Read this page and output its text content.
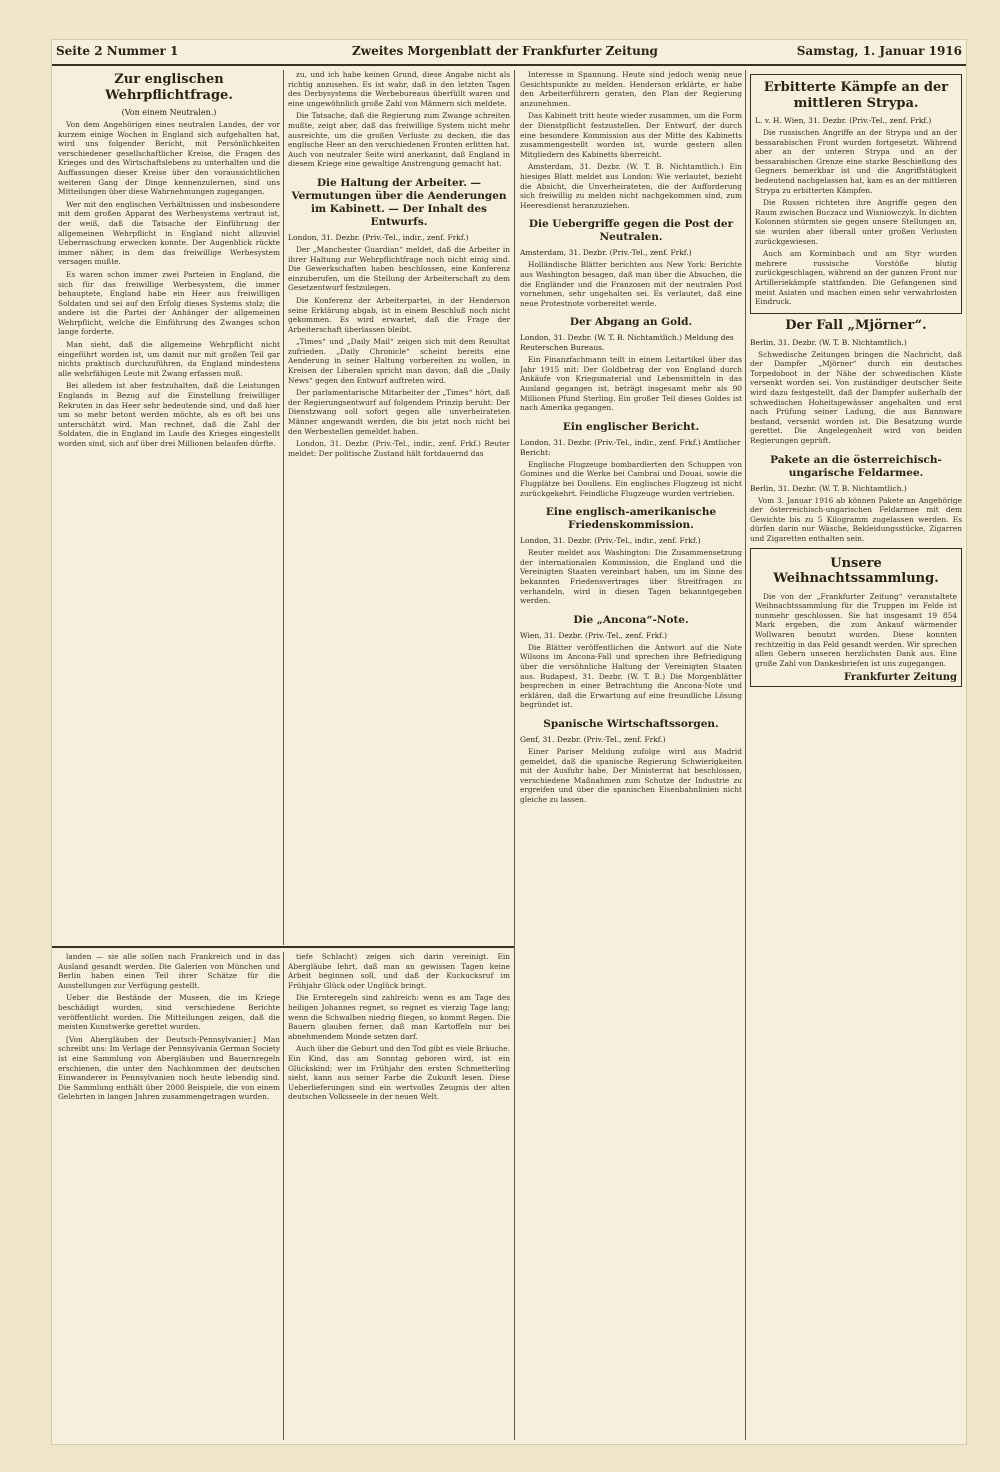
Seite 2 Nummer 1	Zweites Morgenblatt der Frankfurter Zeitung	Samstag, 1. Januar 1916
Zur englischen Wehrpflichtfrage.
(Von einem Neutralen.)

Von dem Angehörigen eines neutralen Landes, der vor kurzem einige Wochen in England sich aufgehalten hat, wird uns folgender Bericht, mit Persönlichkeiten verschiedener gesellschaftlicher Kreise, die Fragen des Krieges und des Wirtschaftslebens zu unterhalten und die Auffassungen dieser Kreise über den voraussichtlichen weiteren Gang der Dinge kennenzulernen, sind uns Mitteilungen über diese Wahrnehmungen zugegangen.

Wer mit den englischen Verhältnissen und insbesondere mit dem großen Apparat des Werbesystems vertraut ist, der weiß, daß die Tatsache der Einführung der allgemeinen Wehrpflicht in England nicht allzuviel Ueberraschung erwecken konnte. Der Augenblick rückte immer näher, in dem das freiwillige Werbesystem versagen mußte.

Es waren schon immer zwei Parteien in England, die sich für das freiwillige Werbesystem, die immer behauptete, England habe ein Heer aus freiwilligen Soldaten und sei auf den Erfolg dieses Systems stolz; die andere ist die Partei der Anhänger der allgemeinen Wehrpflicht, welche die Einführung des Zwanges schon lange forderte.

Man sieht, daß die allgemeine Wehrpflicht nicht eingeführt worden ist, um damit nur mit großen Teil gar nichts praktisch durchzuführen, da England mindestens alle wehrfähigen Leute mit Zwang erfassen muß.

Bei alledem ist aber festzuhalten, daß die Leistungen Englands in Bezug auf die Einstellung freiwilliger Rekruten in das Heer sehr bedeutende sind, und daß hier um so mehr betont werden möchte, als es oft bei uns unterschätzt wird. Man rechnet, daß die Zahl der Soldaten, die in England im Laufe des Krieges eingestellt worden sind, sich auf über drei Millionen belaufen dürfte.

zu, und ich habe keinen Grund, diese Angabe nicht als richtig anzusehen. Es ist wahr, daß in den letzten Tagen des Derbysystems die Werbebureaus überfüllt waren und eine ungewöhnlich große Zahl von Männern sich meldete.

Die Tatsache, daß die Regierung zum Zwange schreiten mußte, zeigt aber, daß das freiwillige System nicht mehr ausreichte, um die großen Verluste zu decken, die das englische Heer an den verschiedenen Fronten erlitten hat. Auch von neutraler Seite wird anerkannt, daß England in diesem Kriege eine gewaltige Anstrengung gemacht hat.

Die Haltung der Arbeiter. — Vermutungen über die Aenderungen im Kabinett. — Der Inhalt des Entwurfs.
London, 31. Dezbr. (Priv.-Tel., indir., zenf. Frkf.)

Der „Manchester Guardian“ meldet, daß die Arbeiter in ihrer Haltung zur Wehrpflichtfrage noch nicht einig sind. Die Gewerkschaften haben beschlossen, eine Konferenz einzuberufen, um die Stellung der Arbeiterschaft zu dem Gesetzentwurf festzulegen.

Die Konferenz der Arbeiterpartei, in der Henderson seine Erklärung abgab, ist in einem Beschluß noch nicht gekommen. Es wird erwartet, daß die Frage der Arbeiterschaft überlassen bleibt.

„Times“ und „Daily Mail“ zeigen sich mit dem Resultat zufrieden. „Daily Chronicle“ scheint bereits eine Aenderung in seiner Haltung vorbereiten zu wollen, in Kreisen der Liberalen spricht man davon, daß die „Daily News“ gegen den Entwurf auftreten wird.

Der parlamentarische Mitarbeiter der „Times“ hört, daß der Regierungsentwurf auf folgendem Prinzip beruht: Der Dienstzwang soll sofort gegen alle unverheirateten Männer angewandt werden, die bis jetzt noch nicht bei den Werbestellen gemeldet haben.

London, 31. Dezbr. (Priv.-Tel., indir., zenf. Frkf.) Reuter meldet: Der politische Zustand hält fortdauernd das

Interesse in Spannung. Heute sind jedoch wenig neue Gesichtspunkte zu melden. Henderson erklärte, er habe den Arbeiterführern geraten, den Plan der Regierung anzunehmen.

Das Kabinett tritt heute wieder zusammen, um die Form der Dienstpflicht festzustellen. Der Entwurf, der durch eine besondere Kommission aus der Mitte des Kabinetts zusammengestellt worden ist, wurde gestern allen Mitgliedern des Kabinetts überreicht.

Amsterdam, 31. Dezbr. (W. T. B. Nichtamtlich.) Ein hiesiges Blatt meldet aus London: Wie verlautet, bezieht die Absicht, die Unverheirateten, die der Aufforderung sich freiwillig zu melden nicht nachgekommen sind, zum Heeresdienst heranzuziehen.

Die Uebergriffe gegen die Post der Neutralen.
Amsterdam, 31. Dezbr. (Priv.-Tel., zenf. Frkf.)

Holländische Blätter berichten aus New York: Berichte aus Washington besagen, daß man über die Absuchen, die die Engländer und die Franzosen mit der neutralen Post vornehmen, sehr ungehalten sei. Es verlautet, daß eine neue Protestnote vorbereitet werde.

Der Abgang an Gold.
London, 31. Dezbr. (W. T. B. Nichtamtlich.) Meldung des Reuterschen Bureaus.

Ein Finanzfachmann teilt in einem Leitartikel über das Jahr 1915 mit: Der Goldbetrag der von England durch Ankäufe von Kriegsmaterial und Lebensmitteln in das Ausland gegangen ist, beträgt insgesamt mehr als 90 Millionen Pfund Sterling. Ein großer Teil dieses Goldes ist nach Amerika gegangen.

Ein englischer Bericht.
London, 31. Dezbr. (Priv.-Tel., indir., zenf. Frkf.) Amtlicher Bericht:

Englische Flugzeuge bombardierten den Schuppen von Gomines und die Werke bei Cambrai und Douai, sowie die Flugplätze bei Doullens. Ein englisches Flugzeug ist nicht zurückgekehrt. Feindliche Flugzeuge wurden vertrieben.

Eine englisch-amerikanische Friedenskommission.
London, 31. Dezbr. (Priv.-Tel., indir., zenf. Frkf.)

Reuter meldet aus Washington: Die Zusammensetzung der internationalen Kommission, die England und die Vereinigten Staaten vereinbart haben, um im Sinne des bekannten Friedensvertrages über Streitfragen zu verhandeln, wird in diesen Tagen bekanntgegeben werden.

Die „Ancona“-Note.
Wien, 31. Dezbr. (Priv.-Tel., zenf. Frkf.)

Die Blätter veröffentlichen die Antwort auf die Note Wilsons im Ancona-Fall und sprechen ihre Befriedigung über die versöhnliche Haltung der Vereinigten Staaten aus. Budapest, 31. Dezbr. (W. T. B.) Die Morgenblätter besprechen in einer Betrachtung die Ancona-Note und erklären, daß die Erwartung auf eine freundliche Lösung begründet ist.

Spanische Wirtschaftssorgen.
Genf, 31. Dezbr. (Priv.-Tel., zenf. Frkf.)

Einer Pariser Meldung zufolge wird aus Madrid gemeldet, daß die spanische Regierung Schwierigkeiten mit der Ausfuhr habe. Der Ministerrat hat beschlossen, verschiedene Maßnahmen zum Schutze der Industrie zu ergreifen und über die spanischen Eisenbahnlinien nicht gleiche zu lassen.

Erbitterte Kämpfe an der mittleren Strypa.
L. v. H. Wien, 31. Dezbr. (Priv.-Tel., zenf. Frkf.)

Die russischen Angriffe an der Strypa und an der bessarabischen Front wurden fortgesetzt. Während aber an der unteren Strypa und an der bessarabischen Grenze eine starke Beschießung des Gegners bemerkbar ist und die Angriffstätigkeit bedeutend nachgelassen hat, kam es an der mittleren Strypa zu erbitterten Kämpfen.

Die Russen richteten ihre Angriffe gegen den Raum zwischen Buczacz und Wisniowczyk. In dichten Kolonnen stürmten sie gegen unsere Stellungen an, sie wurden aber überall unter großen Verlusten zurückgewiesen.

Auch am Korminbach und am Styr wurden mehrere russische Vorstöße blutig zurückgeschlagen, während an der ganzen Front nur Artilleriekämpfe stattfanden. Die Gefangenen sind meist Asiaten und machen einen sehr verwahrlosten Eindruck.

Der Fall „Mjörner“.
Berlin, 31. Dezbr. (W. T. B. Nichtamtlich.)

Schwedische Zeitungen bringen die Nachricht, daß der Dampfer „Mjörner“ durch ein deutsches Torpedoboot in der Nähe der schwedischen Küste versenkt worden sei. Von zuständiger deutscher Seite wird dazu festgestellt, daß der Dampfer außerhalb der schwedischen Hoheitsgewässer angehalten und erst nach Prüfung seiner Ladung, die aus Bannware bestand, versenkt worden ist. Die Besatzung wurde gerettet. Die Angelegenheit wird von beiden Regierungen geprüft.

Pakete an die österreichisch-ungarische Feldarmee.
Berlin, 31. Dezbr. (W. T. B. Nichtamtlich.)

Vom 3. Januar 1916 ab können Pakete an Angehörige der österreichisch-ungarischen Feldarmee mit dem Gewichte bis zu 5 Kilogramm zugelassen werden. Es dürfen darin nur Wäsche, Bekleidungsstücke, Zigarren und Zigaretten enthalten sein.

Unsere Weihnachtssammlung.

Die von der „Frankfurter Zeitung“ veranstaltete Weihnachtssammlung für die Truppen im Felde ist nunmehr geschlossen. Sie hat insgesamt 19 854 Mark ergeben, die zum Ankauf wärmender Wollwaren benutzt wurden. Diese konnten rechtzeitig in das Feld gesandt werden. Wir sprechen allen Gebern unseren herzlichsten Dank aus. Eine große Zahl von Dankesbriefen ist uns zugegangen.

Frankfurter Zeitung

landen — sie alle sollen nach Frankreich und in das Ausland gesandt werden. Die Galerien von München und Berlin haben einen Teil ihrer Schätze für die Ausstellungen zur Verfügung gestellt.

Ueber die Bestände der Museen, die im Kriege beschädigt wurden, sind verschiedene Berichte veröffentlicht worden. Die Mitteilungen zeigen, daß die meisten Kunstwerke gerettet wurden.

[Von Abergläuben der Deutsch-Pennsylvanier.] Man schreibt uns: Im Verlage der Pennsylvania German Society ist eine Sammlung von Abergläuben und Bauernregeln erschienen, die unter den Nachkommen der deutschen Einwanderer in Pennsylvanien noch heute lebendig sind. Die Sammlung enthält über 2000 Beispiele, die von einem Gelehrten in langen Jahren zusammengetragen wurden.

tiefe Schlacht) zeigen sich darin vereinigt. Ein Abergläube lehrt, daß man an gewissen Tagen keine Arbeit beginnen soll, und daß der Kuckucksruf im Frühjahr Glück oder Unglück bringt.

Die Ernteregeln sind zahlreich: wenn es am Tage des heiligen Johannes regnet, so regnet es vierzig Tage lang; wenn die Schwalben niedrig fliegen, so kommt Regen. Die Bauern glauben ferner, daß man Kartoffeln nur bei abnehmendem Monde setzen darf.

Auch über die Geburt und den Tod gibt es viele Bräuche. Ein Kind, das am Sonntag geboren wird, ist ein Glückskind; wer im Frühjahr den ersten Schmetterling sieht, kann aus seiner Farbe die Zukunft lesen. Diese Ueberlieferungen sind ein wertvolles Zeugnis der alten deutschen Volksseele in der neuen Welt.
